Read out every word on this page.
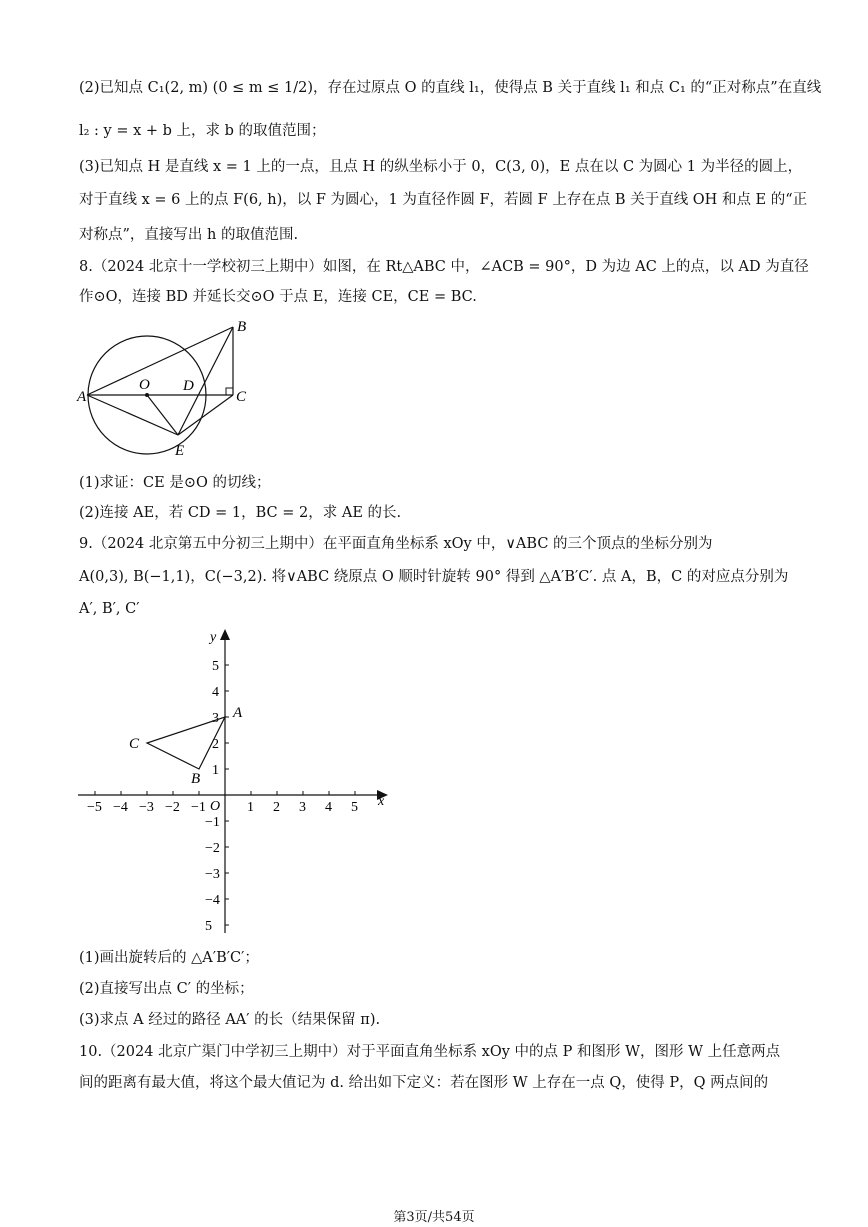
(2)已知点 C₁(2, m) (0 ≤ m ≤ 1/2)，存在过原点 O 的直线 l₁，使得点 B 关于直线 l₁ 和点 C₁ 的“正对称点”在直线
l₂ : y = x + b 上，求 b 的取值范围；
(3)已知点 H 是直线 x = 1 上的一点，且点 H 的纵坐标小于 0，C(3, 0)，E 点在以 C 为圆心 1 为半径的圆上，
对于直线 x = 6 上的点 F(6, h)，以 F 为圆心，1 为直径作圆 F，若圆 F 上存在点 B 关于直线 OH 和点 E 的“正
对称点”，直接写出 h 的取值范围.
8.（2024 北京十一学校初三上期中）如图，在 Rt△ABC 中，∠ACB = 90°，D 为边 AC 上的点，以 AD 为直径
作⊙O，连接 BD 并延长交⊙O 于点 E，连接 CE，CE = BC.
A
B
C
O D
E
(1)求证：CE 是⊙O 的切线；
(2)连接 AE，若 CD = 1，BC = 2，求 AE 的长.
9.（2024 北京第五中分初三上期中）在平面直角坐标系 xOy 中，∨ABC 的三个顶点的坐标分别为
A(0,3), B(−1,1)，C(−3,2). 将∨ABC 绕原点 O 顺时针旋转 90° 得到 △A′B′C′. 点 A，B，C 的对应点分别为
A′, B′, C′
x
y
O
−5 −4 −3 −2 −1	1 2 3 4 5
1
2
3
4
5
−1
−2
−3
−4
5
A
B
C
(1)画出旋转后的 △A′B′C′；
(2)直接写出点 C′ 的坐标；
(3)求点 A 经过的路径 AA′ 的长（结果保留 π).
10.（2024 北京广渠门中学初三上期中）对于平面直角坐标系 xOy 中的点 P 和图形 W，图形 W 上任意两点
间的距离有最大值，将这个最大值记为 d. 给出如下定义：若在图形 W 上存在一点 Q，使得 P，Q 两点间的
第3页/共54页
